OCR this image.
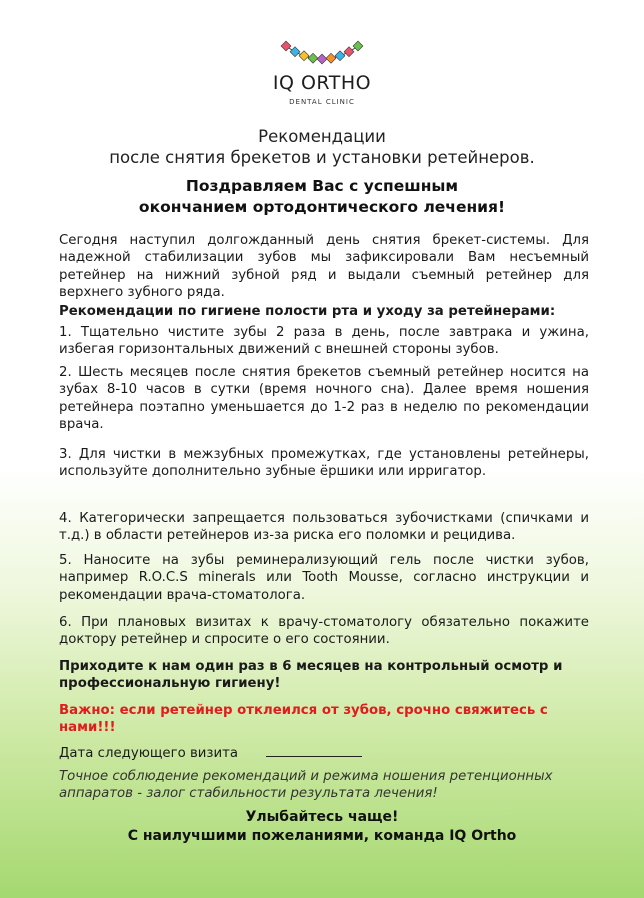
IQ ORTHO
DENTAL CLINIC
Рекомендации
после снятия брекетов и установки ретейнеров.
Поздравляем Вас с успешным
окончанием ортодонтического лечения!
Сегодня наступил долгожданный день снятия брекет-системы. Для надежной стабилизации зубов мы зафиксировали Вам несъемный ретейнер на нижний зубной ряд и выдали съемный ретейнер для верхнего зубного ряда.
Рекомендации по гигиене полости рта и уходу за ретейнерами:
1. Тщательно чистите зубы 2 раза в день, после завтрака и ужина, избегая горизонтальных движений с внешней стороны зубов.
2. Шесть месяцев после снятия брекетов съемный ретейнер носится на зубах 8-10 часов в сутки (время ночного сна). Далее время ношения ретейнера поэтапно уменьшается до 1-2 раз в неделю по рекомендации врача.
3. Для чистки в межзубных промежутках, где установлены ретейнеры, используйте дополнительно зубные ёршики или ирригатор.
4. Категорически запрещается пользоваться зубочистками (спичками и т.д.) в области ретейнеров из-за риска его поломки и рецидива.
5. Наносите на зубы реминерализующий гель после чистки зубов, например R.O.C.S minerals или Tooth Mousse, согласно инструкции и рекомендации врача-стоматолога.
6. При плановых визитах к врачу-стоматологу обязательно покажите доктору ретейнер и спросите о его состоянии.
Приходите к нам один раз в 6 месяцев на контрольный осмотр и профессиональную гигиену!
Важно: если ретейнер отклеился от зубов, срочно свяжитесь с нами!!!
Дата следующего визита
Точное соблюдение рекомендаций и режима ношения ретенционных аппаратов - залог стабильности результата лечения!
Улыбайтесь чаще!
С наилучшими пожеланиями, команда IQ Ortho
